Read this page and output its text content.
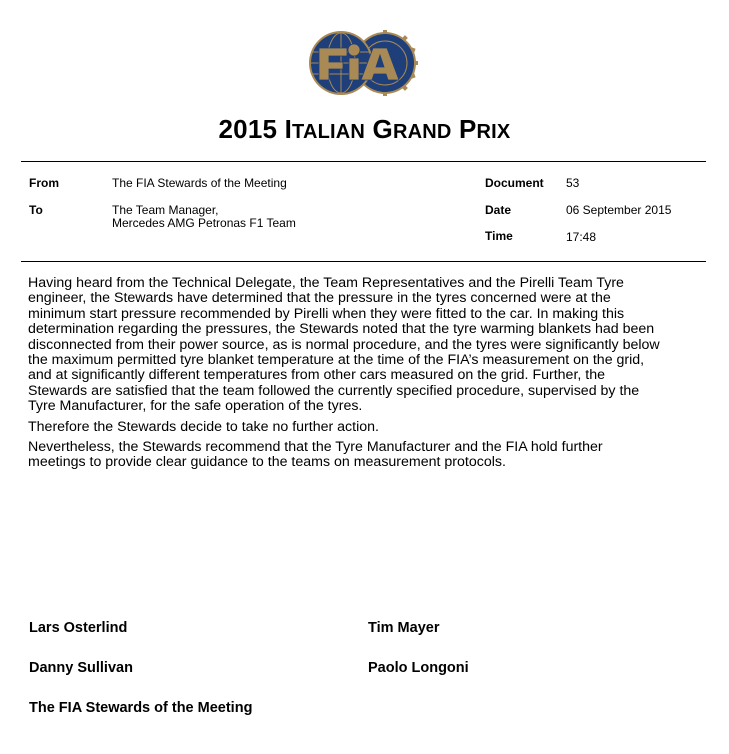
2015 ITALIAN GRAND PRIX
From	The FIA Stewards of the Meeting
To	The Team Manager,
Mercedes AMG Petronas F1 Team
Document 53
Date	06 September 2015
Time	17:48

Having heard from the Technical Delegate, the Team Representatives and the Pirelli Team Tyre
engineer, the Stewards have determined that the pressure in the tyres concerned were at the
minimum start pressure recommended by Pirelli when they were fitted to the car. In making this
determination regarding the pressures, the Stewards noted that the tyre warming blankets had been
disconnected from their power source, as is normal procedure, and the tyres were significantly below
the maximum permitted tyre blanket temperature at the time of the FIA’s measurement on the grid,
and at significantly different temperatures from other cars measured on the grid. Further, the
Stewards are satisfied that the team followed the currently specified procedure, supervised by the
Tyre Manufacturer, for the safe operation of the tyres.

Therefore the Stewards decide to take no further action.

Nevertheless, the Stewards recommend that the Tyre Manufacturer and the FIA hold further
meetings to provide clear guidance to the teams on measurement protocols.

Lars Osterlind	Tim Mayer
Danny Sullivan	Paolo Longoni
The FIA Stewards of the Meeting
